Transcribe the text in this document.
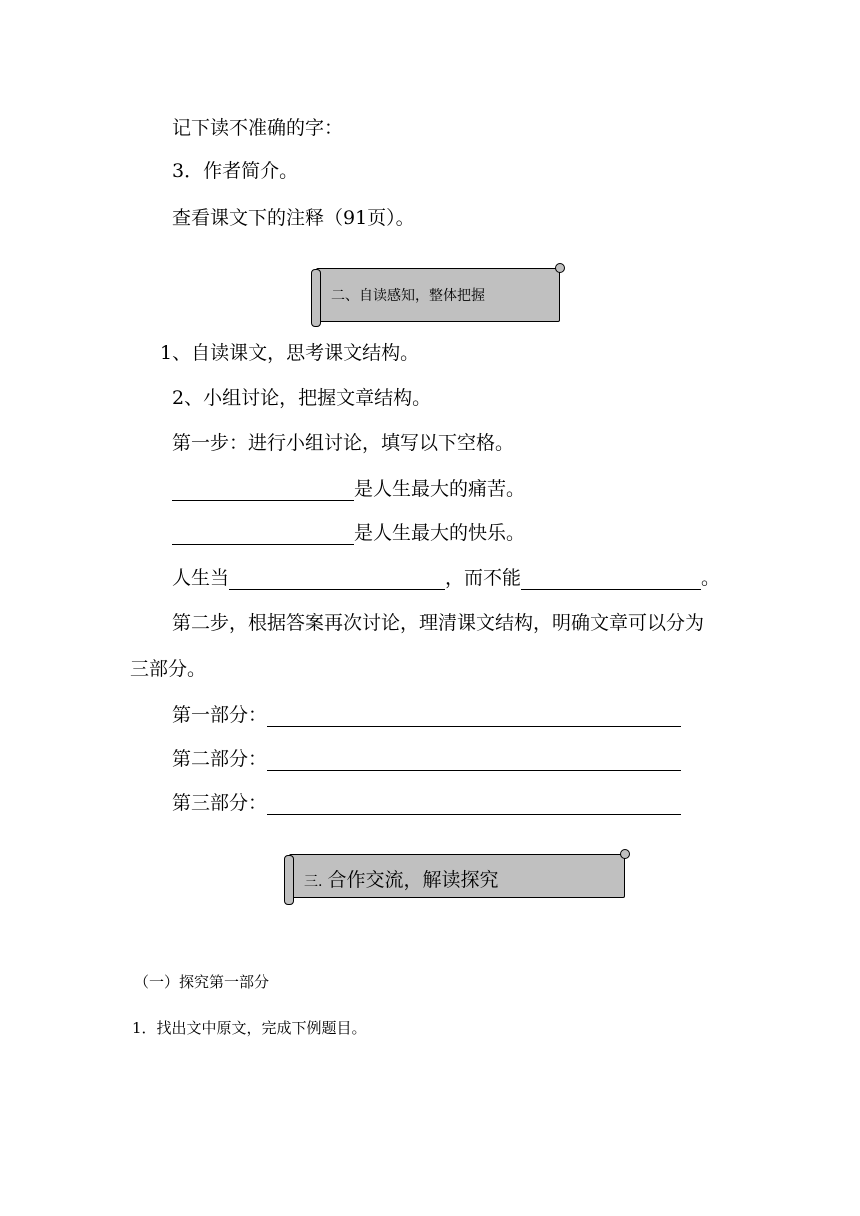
记下读不准确的字：
3．作者简介。
查看课文下的注释（91页）。
二、自读感知，整体把握
1、自读课文，思考课文结构。
2、小组讨论，把握文章结构。
第一步：进行小组讨论，填写以下空格。
是人生最大的痛苦。
是人生最大的快乐。
人生当	，而不能	。
第二步，根据答案再次讨论，理清课文结构，明确文章可以分为
三部分。
第一部分：
第二部分：
第三部分：
三. 合作交流，解读探究
（一）探究第一部分
1．找出文中原文，完成下例题目。
